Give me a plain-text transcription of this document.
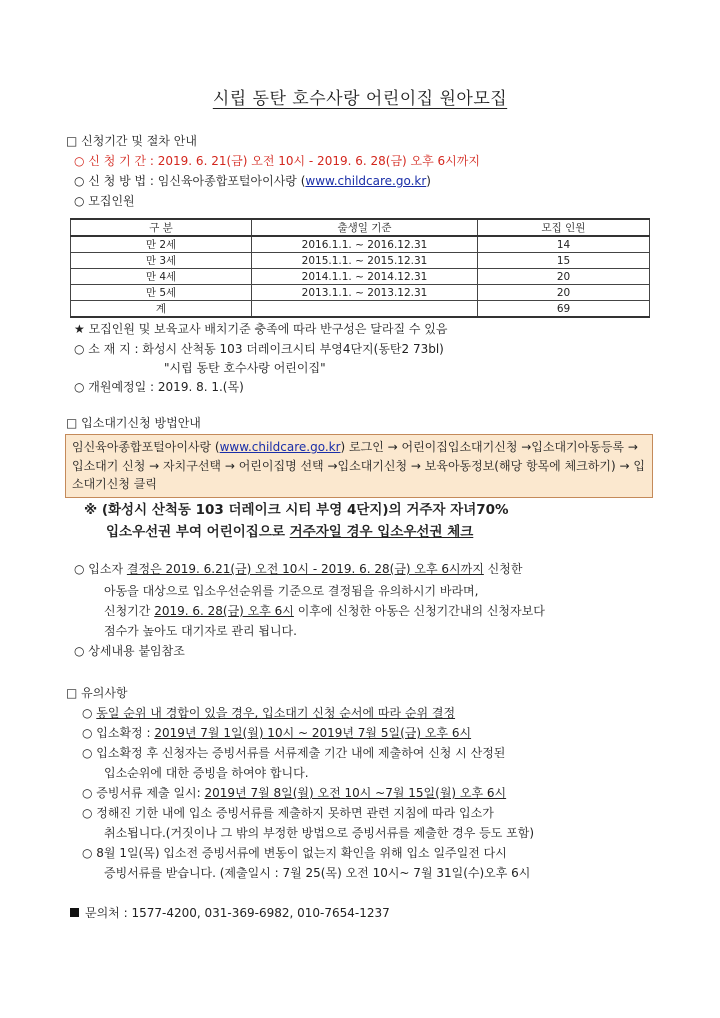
시립 동탄 호수사랑 어린이집 원아모집
□ 신청기간 및 절차 안내
○ 신 청 기 간 : 2019. 6. 21(금) 오전 10시 - 2019. 6. 28(금) 오후 6시까지
○ 신 청 방 법 : 임신육아종합포털아이사랑 (www.childcare.go.kr)
○ 모집인원
구 분	출생일 기준	모집 인원
만 2세	2016.1.1. ~ 2016.12.31	14
만 3세	2015.1.1. ~ 2015.12.31	15
만 4세	2014.1.1. ~ 2014.12.31	20
만 5세	2013.1.1. ~ 2013.12.31	20
계		69
★ 모집인원 및 보육교사 배치기준 충족에 따라 반구성은 달라질 수 있음
○ 소 재 지 : 화성시 산척동 103 더레이크시티 부영4단지(동탄2 73bl)
"시립 동탄 호수사랑 어린이집"
○ 개원예정일 : 2019. 8. 1.(목)
□ 입소대기신청 방법안내
임신육아종합포털아이사랑 (www.childcare.go.kr) 로그인 → 어린이집입소대기신청 →입소대기아동등록 → 입소대기 신청 → 자치구선택 → 어린이집명 선택 →입소대기신청 → 보육아동정보(해당 항목에 체크하기) → 입소대기신청 클릭
※ (화성시 산척동 103 더레이크 시티 부영 4단지)의 거주자 자녀70%
입소우선권 부여 어린이집으로 거주자일 경우 입소우선권 체크
○ 입소자 결정은 2019. 6.21(금) 오전 10시 - 2019. 6. 28(금) 오후 6시까지 신청한
아동을 대상으로 입소우선순위를 기준으로 결정됨을 유의하시기 바라며,
신청기간 2019. 6. 28(금) 오후 6시 이후에 신청한 아동은 신청기간내의 신청자보다
점수가 높아도 대기자로 관리 됩니다.
○ 상세내용 붙임참조
□ 유의사항
○ 동일 순위 내 경합이 있을 경우, 입소대기 신청 순서에 따라 순위 결정
○ 입소확정 : 2019년 7월 1일(월) 10시 ~ 2019년 7월 5일(금) 오후 6시
○ 입소확정 후 신청자는 증빙서류를 서류제출 기간 내에 제출하여 신청 시 산정된
입소순위에 대한 증빙을 하여야 합니다.
○ 증빙서류 제출 일시: 2019년 7월 8일(월) 오전 10시 ~7월 15일(월) 오후 6시
○ 정해진 기한 내에 입소 증빙서류를 제출하지 못하면 관련 지침에 따라 입소가
취소됩니다.(거짓이나 그 밖의 부정한 방법으로 증빙서류를 제출한 경우 등도 포함)
○ 8월 1일(목) 입소전 증빙서류에 변동이 없는지 확인을 위해 입소 일주일전 다시
증빙서류를 받습니다. (제출일시 : 7월 25(목) 오전 10시~ 7월 31일(수)오후 6시
문의처 : 1577-4200, 031-369-6982, 010-7654-1237
